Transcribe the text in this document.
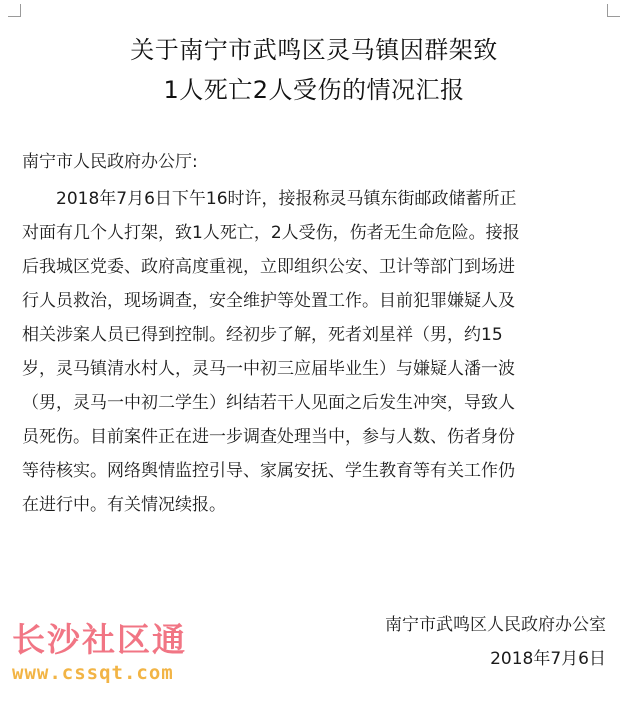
关于南宁市武鸣区灵马镇因群架致
1人死亡2人受伤的情况汇报
南宁市人民政府办公厅:
2018年7月6日下午16时许，接报称灵马镇东街邮政储蓄所正
对面有几个人打架，致1人死亡，2人受伤，伤者无生命危险。接报
后我城区党委、政府高度重视，立即组织公安、卫计等部门到场进
行人员救治，现场调查，安全维护等处置工作。目前犯罪嫌疑人及
相关涉案人员已得到控制。经初步了解，死者刘星祥（男，约15
岁，灵马镇清水村人，灵马一中初三应届毕业生）与嫌疑人潘一波
（男，灵马一中初二学生）纠结若干人见面之后发生冲突，导致人
员死伤。目前案件正在进一步调查处理当中，参与人数、伤者身份
等待核实。网络舆情监控引导、家属安抚、学生教育等有关工作仍
在进行中。有关情况续报。
南宁市武鸣区人民政府办公室
2018年7月6日
长沙社区通
www.cssqt.com
